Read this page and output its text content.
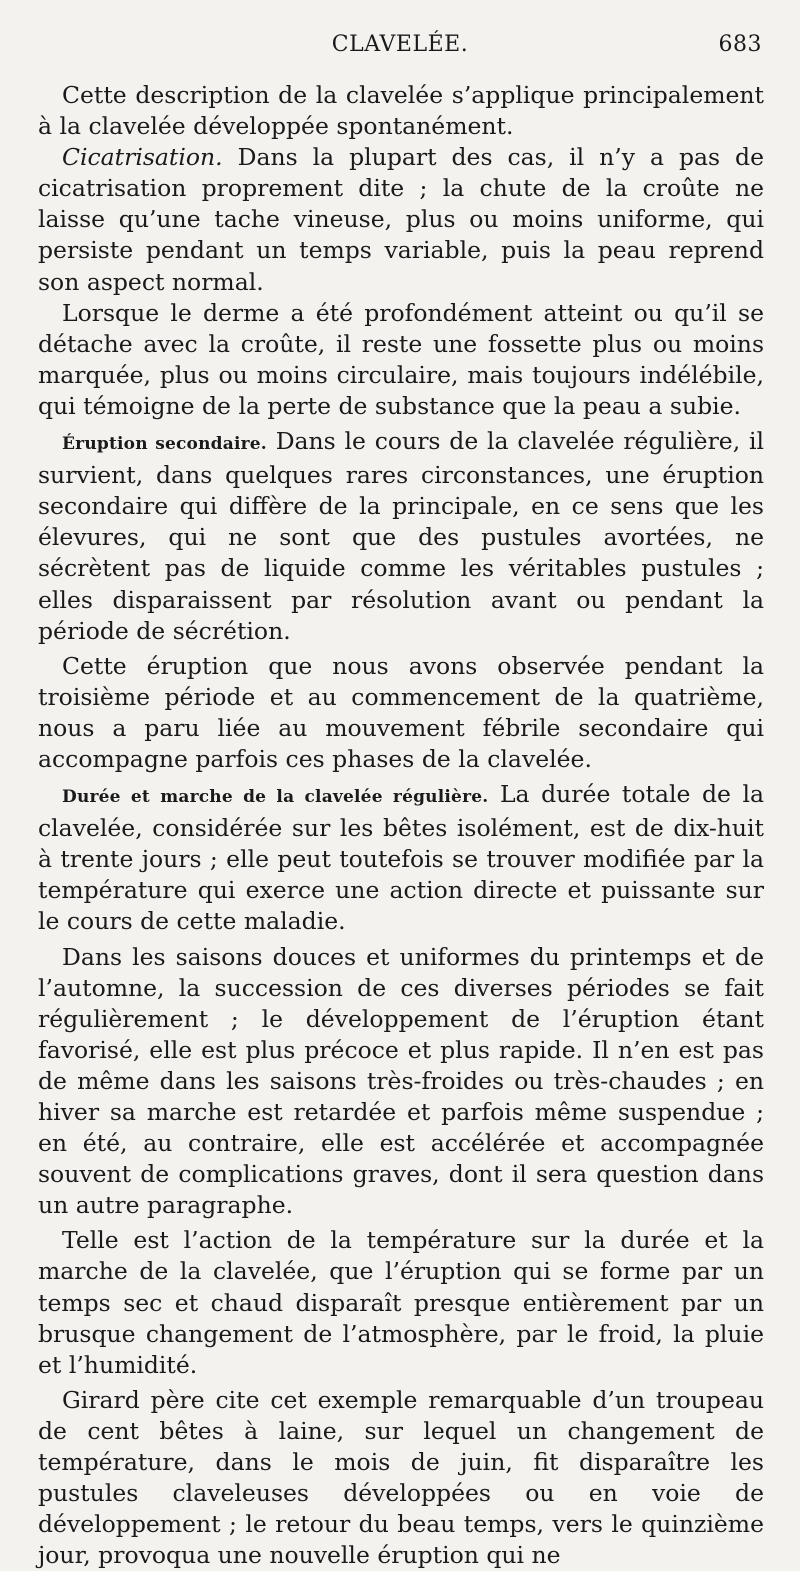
CLAVELÉE.	683

Cette description de la clavelée s’applique principalement à la clavelée développée spontanément.

Cicatrisation. Dans la plupart des cas, il n’y a pas de cicatrisation proprement dite ; la chute de la croûte ne laisse qu’une tache vineuse, plus ou moins uniforme, qui persiste pendant un temps variable, puis la peau reprend son aspect normal.

Lorsque le derme a été profondément atteint ou qu’il se détache avec la croûte, il reste une fossette plus ou moins marquée, plus ou moins circulaire, mais toujours indélébile, qui témoigne de la perte de substance que la peau a subie.

Éruption secondaire. Dans le cours de la clavelée régulière, il survient, dans quelques rares circonstances, une éruption secondaire qui diffère de la principale, en ce sens que les élevures, qui ne sont que des pustules avortées, ne sécrètent pas de liquide comme les véritables pustules ; elles disparaissent par résolution avant ou pendant la période de sécrétion.

Cette éruption que nous avons observée pendant la troisième période et au commencement de la quatrième, nous a paru liée au mouvement fébrile secondaire qui accompagne parfois ces phases de la clavelée.

Durée et marche de la clavelée régulière. La durée totale de la clavelée, considérée sur les bêtes isolément, est de dix-huit à trente jours ; elle peut toutefois se trouver modifiée par la température qui exerce une action directe et puissante sur le cours de cette maladie.

Dans les saisons douces et uniformes du printemps et de l’automne, la succession de ces diverses périodes se fait régulièrement ; le développement de l’éruption étant favorisé, elle est plus précoce et plus rapide. Il n’en est pas de même dans les saisons très-froides ou très-chaudes ; en hiver sa marche est retardée et parfois même suspendue ; en été, au contraire, elle est accélérée et accompagnée souvent de complications graves, dont il sera question dans un autre paragraphe.

Telle est l’action de la température sur la durée et la marche de la clavelée, que l’éruption qui se forme par un temps sec et chaud disparaît presque entièrement par un brusque changement de l’atmosphère, par le froid, la pluie et l’humidité.

Girard père cite cet exemple remarquable d’un troupeau de cent bêtes à laine, sur lequel un changement de température, dans le mois de juin, fit disparaître les pustules claveleuses développées ou en voie de développement ; le retour du beau temps, vers le quinzième jour, provoqua une nouvelle éruption qui ne
